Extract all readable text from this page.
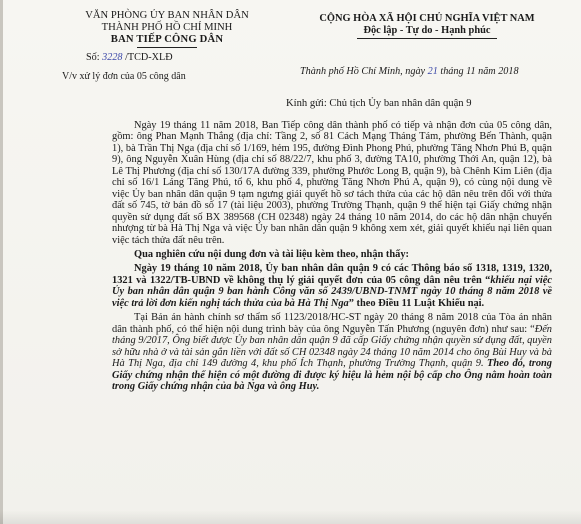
VĂN PHÒNG ỦY BAN NHÂN DÂN
THÀNH PHỐ HỒ CHÍ MINH
BAN TIẾP CÔNG DÂN
CỘNG HÒA XÃ HỘI CHỦ NGHĨA VIỆT NAM
Độc lập - Tự do - Hạnh phúc
Số: 3228 /TCD-XLĐ
V/v xử lý đơn của 05 công dân	Thành phố Hồ Chí Minh, ngày 21 tháng 11 năm 2018
Kính gửi: Chủ tịch Ủy ban nhân dân quận 9

Ngày 19 tháng 11 năm 2018, Ban Tiếp công dân thành phố có tiếp và nhận đơn của 05 công dân, gồm: ông Phan Mạnh Thắng (địa chỉ: Tầng 2, số 81 Cách Mạng Tháng Tám, phường Bến Thành, quận 1), bà Trần Thị Nga (địa chỉ số 1/169, hẻm 195, đường Đình Phong Phú, phường Tăng Nhơn Phú B, quận 9), ông Nguyễn Xuân Hùng (địa chỉ số 88/22/7, khu phố 3, đường TA10, phường Thới An, quận 12), bà Lê Thị Phương (địa chỉ số 130/17A đường 339, phường Phước Long B, quận 9), bà Chênh Kim Liên (địa chỉ số 16/1 Láng Tăng Phú, tổ 6, khu phố 4, phường Tăng Nhơn Phú A, quận 9), có cùng nội dung về việc Ủy ban nhân dân quận 9 tạm ngưng giải quyết hồ sơ tách thửa của các hộ dân nêu trên đối với thửa đất số 745, tờ bản đồ số 17 (tài liệu 2003), phường Trường Thạnh, quận 9 thể hiện tại Giấy chứng nhận quyền sử dụng đất số BX 389568 (CH 02348) ngày 24 tháng 10 năm 2014, do các hộ dân nhận chuyển nhượng từ bà Hà Thị Nga và việc Ủy ban nhân dân quận 9 không xem xét, giải quyết khiếu nại liên quan việc tách thửa đất nêu trên.

Qua nghiên cứu nội dung đơn và tài liệu kèm theo, nhận thấy:

Ngày 19 tháng 10 năm 2018, Ủy ban nhân dân quận 9 có các Thông báo số 1318, 1319, 1320, 1321 và 1322/TB-UBND về không thụ lý giải quyết đơn của 05 công dân nêu trên “khiếu nại việc Ủy ban nhân dân quận 9 ban hành Công văn số 2439/UBND-TNMT ngày 10 tháng 8 năm 2018 về việc trả lời đơn kiến nghị tách thửa của bà Hà Thị Nga” theo Điều 11 Luật Khiếu nại.

Tại Bản án hành chính sơ thẩm số 1123/2018/HC-ST ngày 20 tháng 8 năm 2018 của Tòa án nhân dân thành phố, có thể hiện nội dung trình bày của ông Nguyễn Tấn Phương (nguyên đơn) như sau: “Đến tháng 9/2017, Ông biết được Ủy ban nhân dân quận 9 đã cấp Giấy chứng nhận quyền sử dụng đất, quyền sở hữu nhà ở và tài sản gắn liền với đất số CH 02348 ngày 24 tháng 10 năm 2014 cho ông Bùi Huy và bà Hà Thị Nga, địa chỉ 149 đường 4, khu phố Ích Thạnh, phường Trường Thạnh, quận 9. Theo đó, trong Giấy chứng nhận thể hiện có một đường đi được ký hiệu là hẻm nội bộ cấp cho Ông nằm hoàn toàn trong Giấy chứng nhận của bà Nga và ông Huy.
